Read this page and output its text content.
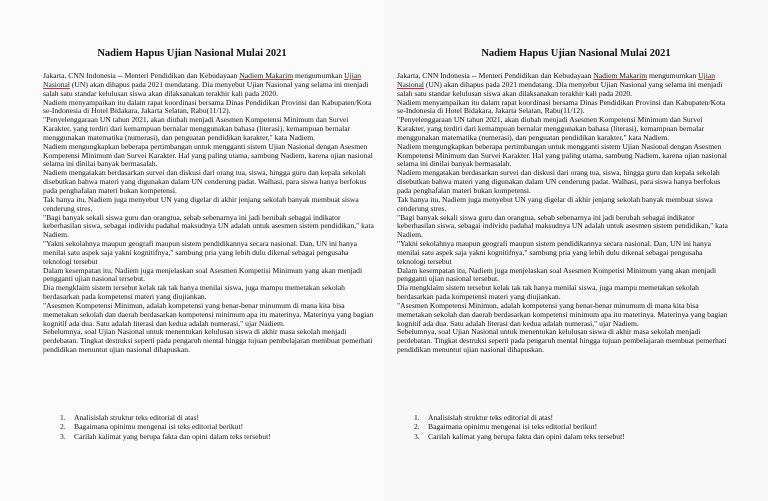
Nadiem Hapus Ujian Nasional Mulai 2021

Jakarta, CNN Indonesia -- Menteri Pendidikan dan Kebudayaan Nadiem Makarim mengumumkan Ujian Nasional (UN) akan dihapus pada 2021 mendatang. Dia menyebut Ujian Nasional yang selama ini menjadi salah satu standar kelulusan siswa akan dilaksanakan terakhir kali pada 2020.

Nadiem menyampaikan itu dalam rapat koordinasi bersama Dinas Pendidikan Provinsi dan Kabupaten/Kota se-Indonesia di Hotel Bidakara, Jakarta Selatan, Rabu(11/12).

"Penyelenggaraan UN tahun 2021, akan diubah menjadi Asesmen Kompetensi Minimum dan Survei Karakter, yang terdiri dari kemampuan bernalar menggunakan bahasa (literasi), kemampuan bernalar menggunakan matematika (numerasi), dan penguatan pendidikan karakter," kata Nadiem.

Nadiem mengungkapkan beberapa pertimbangan untuk mengganti sistem Ujian Nasional dengan Asesmen Kompetensi Minimum dan Survei Karakter. Hal yang paling utama, sambung Nadiem, karena ujian nasional selama ini dinilai banyak bermasalah.

Nadiem mengatakan berdasarkan survei dan diskusi dari orang tua, siswa, hingga guru dan kepala sekolah disebutkan bahwa materi yang digunakan dalam UN cenderung padat. Walhasi, para siswa hanya berfokus pada penghafalan materi bukan kompetensi.

Tak hanya itu, Nadiem juga menyebut UN yang digelar di akhir jenjang sekolah banyak membuat siswa cenderung stres.

"Bagi banyak sekali siswa guru dan orangtua, sebab sebenarnya ini jadi berubah sebagai indikator keberhasilan siswa, sebagai individu padahal maksudnya UN adalah untuk asesmen sistem pendidikan," kata Nadiem.

"Yakni sekolahnya maupun geografi maupun sistem pendidikannya secara nasional. Dan, UN ini hanya menilai satu aspek saja yakni kognitifnya," sambung pria yang lebih dulu dikenal sebagai pengusaha teknologi tersebut

Dalam kesempatan itu, Nadiem juga menjelaskan soal Asesmen Kompetisi Minimum yang akan menjadi pengganti ujian nasional tersebut.

Dia mengklaim sistem tersebut kelak tak tak hanya menilai siswa, juga mampu memetakan sekolah berdasarkan pada kompetensi materi yang diujiankan.

"Asesmen Kompetensi Minimun, adalah kompetensi yang benar-benar minumum di mana kita bisa memetakan sekolah dan daerah berdasarkan kompetensi minimum apa itu materinya. Materinya yang bagian kognitif ada dua. Satu adalah literasi dan kedua adalah numerasi," ujar Nadiem.

Sebelumnya, soal Ujian Nasional untuk menentukan kelulusan siswa di akhir masa sekolah menjadi perdebatan. Tingkat destruksi seperti pada pengaruh mental hingga tujuan pembelajaran membuat pemerhati pendidikan menuntut ujian nasional dihapuskan.

1.	Analisislah struktur teks editorial di atas!
2.	Bagaimana opinimu mengenai isi teks editorial berikut!
3.	Carilah kalimat yang berupa fakta dan opini dalam teks tersebut!
Nadiem Hapus Ujian Nasional Mulai 2021

Jakarta, CNN Indonesia -- Menteri Pendidikan dan Kebudayaan Nadiem Makarim mengumumkan Ujian Nasional (UN) akan dihapus pada 2021 mendatang. Dia menyebut Ujian Nasional yang selama ini menjadi salah satu standar kelulusan siswa akan dilaksanakan terakhir kali pada 2020.

Nadiem menyampaikan itu dalam rapat koordinasi bersama Dinas Pendidikan Provinsi dan Kabupaten/Kota se-Indonesia di Hotel Bidakara, Jakarta Selatan, Rabu(11/12).

"Penyelenggaraan UN tahun 2021, akan diubah menjadi Asesmen Kompetensi Minimum dan Survei Karakter, yang terdiri dari kemampuan bernalar menggunakan bahasa (literasi), kemampuan bernalar menggunakan matematika (numerasi), dan penguatan pendidikan karakter," kata Nadiem.

Nadiem mengungkapkan beberapa pertimbangan untuk mengganti sistem Ujian Nasional dengan Asesmen Kompetensi Minimum dan Survei Karakter. Hal yang paling utama, sambung Nadiem, karena ujian nasional selama ini dinilai banyak bermasalah.

Nadiem mengatakan berdasarkan survei dan diskusi dari orang tua, siswa, hingga guru dan kepala sekolah disebutkan bahwa materi yang digunakan dalam UN cenderung padat. Walhasi, para siswa hanya berfokus pada penghafalan materi bukan kompetensi.

Tak hanya itu, Nadiem juga menyebut UN yang digelar di akhir jenjang sekolah banyak membuat siswa cenderung stres.

"Bagi banyak sekali siswa guru dan orangtua, sebab sebenarnya ini jadi berubah sebagai indikator keberhasilan siswa, sebagai individu padahal maksudnya UN adalah untuk asesmen sistem pendidikan," kata Nadiem.

"Yakni sekolahnya maupun geografi maupun sistem pendidikannya secara nasional. Dan, UN ini hanya menilai satu aspek saja yakni kognitifnya," sambung pria yang lebih dulu dikenal sebagai pengusaha teknologi tersebut

Dalam kesempatan itu, Nadiem juga menjelaskan soal Asesmen Kompetisi Minimum yang akan menjadi pengganti ujian nasional tersebut.

Dia mengklaim sistem tersebut kelak tak tak hanya menilai siswa, juga mampu memetakan sekolah berdasarkan pada kompetensi materi yang diujiankan.

"Asesmen Kompetensi Minimun, adalah kompetensi yang benar-benar minumum di mana kita bisa memetakan sekolah dan daerah berdasarkan kompetensi minimum apa itu materinya. Materinya yang bagian kognitif ada dua. Satu adalah literasi dan kedua adalah numerasi," ujar Nadiem.

Sebelumnya, soal Ujian Nasional untuk menentukan kelulusan siswa di akhir masa sekolah menjadi perdebatan. Tingkat destruksi seperti pada pengaruh mental hingga tujuan pembelajaran membuat pemerhati pendidikan menuntut ujian nasional dihapuskan.

1.	Analisislah struktur teks editorial di atas!
2.	Bagaimana opinimu mengenai isi teks editorial berikut!
3.	Carilah kalimat yang berupa fakta dan opini dalam teks tersebut!
